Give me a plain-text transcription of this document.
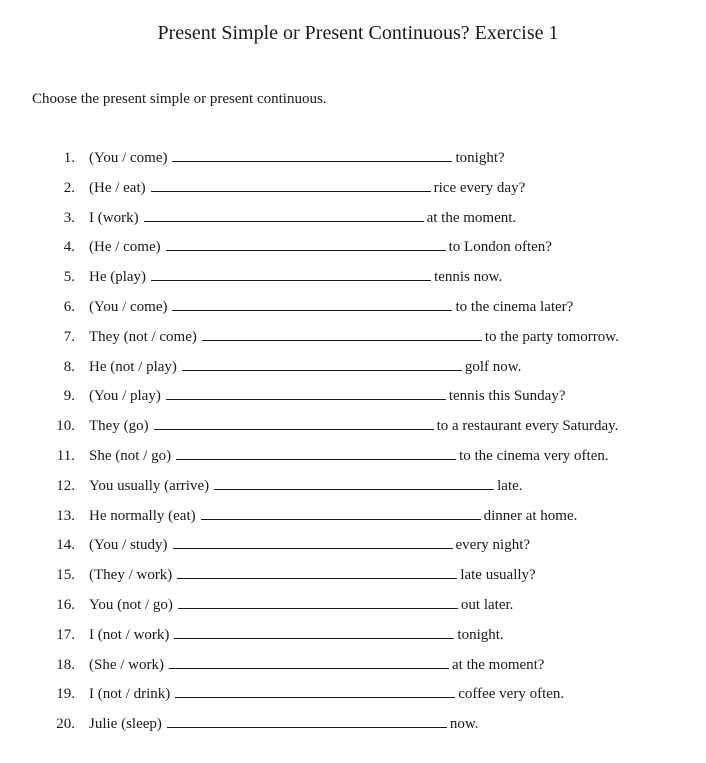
Present Simple or Present Continuous? Exercise 1

Choose the present simple or present continuous.

1. (You / come)	tonight?
2. (He / eat)	rice every day?
3. I (work)	at the moment.
4. (He / come)	to London often?
5. He (play)	tennis now.
6. (You / come)	to the cinema later?
7. They (not / come)	to the party tomorrow.
8. He (not / play)	golf now.
9. (You / play)	tennis this Sunday?
10. They (go)	to a restaurant every Saturday.
11. She (not / go)	to the cinema very often.
12. You usually (arrive)	late.
13. He normally (eat)	dinner at home.
14. (You / study)	every night?
15. (They / work)	late usually?
16. You (not / go)	out later.
17. I (not / work)	tonight.
18. (She / work)	at the moment?
19. I (not / drink)	coffee very often.
20. Julie (sleep)	now.
